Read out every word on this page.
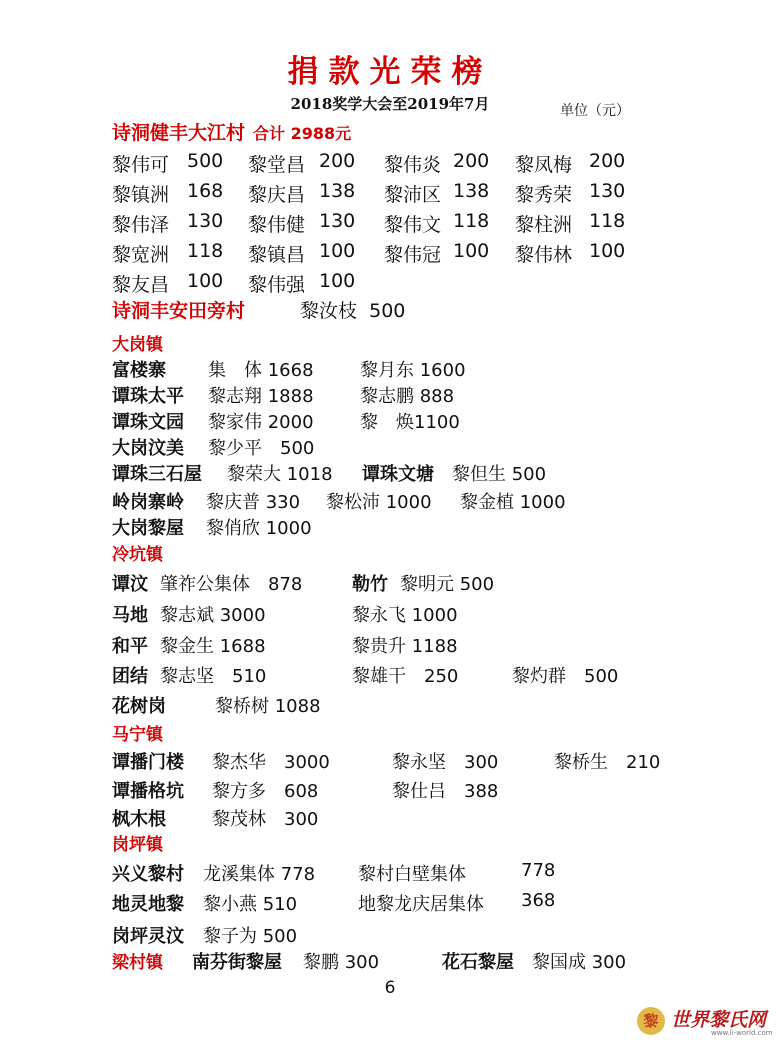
捐款光荣榜
2018奖学大会至2019年7月	单位（元）
诗洞健丰大江村 合计 2988元
黎伟可 500 黎堂昌 200 黎伟炎 200 黎凤梅 200
黎镇洲 168 黎庆昌 138 黎沛区 138 黎秀荣 130
黎伟泽 130 黎伟健 130 黎伟文 118 黎柱洲 118
黎宽洲 118 黎镇昌 100 黎伟冠 100 黎伟林 100
黎友昌 100 黎伟强 100
诗洞丰安田旁村	黎汝枝 500
大岗镇
富楼寨 集　体 1668	黎月东 1600
谭珠太平 黎志翔 1888	黎志鹏 888
谭珠文园 黎家伟 2000	黎　焕1100
大岗汶美 黎少平　500
谭珠三石屋 黎荣大 1018 谭珠文塘 黎但生 500
岭岗寨岭 黎庆普 330 黎松沛 1000 黎金植 1000
大岗黎屋 黎俏欣 1000
冷坑镇
谭汶 肇祚公集体　878	勒竹 黎明元 500
马地 黎志斌 3000	黎永飞 1000
和平 黎金生 1688	黎贵升 1188
团结 黎志坚　510	黎雄干　250	黎灼群　500
花树岗	黎桥树 1088
马宁镇
谭播门楼 黎杰华　3000	黎永坚　300	黎桥生　210
谭播格坑 黎方多　608	黎仕吕　388
枫木根	黎茂林　300
岗坪镇
兴义黎村 龙溪集体 778 黎村白壁集体	778
地灵地黎 黎小燕 510	地黎龙庆居集体 368
岗坪灵汶 黎子为 500
梁村镇 南芬街黎屋 黎鹏 300	花石黎屋 黎国成 300
6
黎 世界黎氏网
www.li-world.com
